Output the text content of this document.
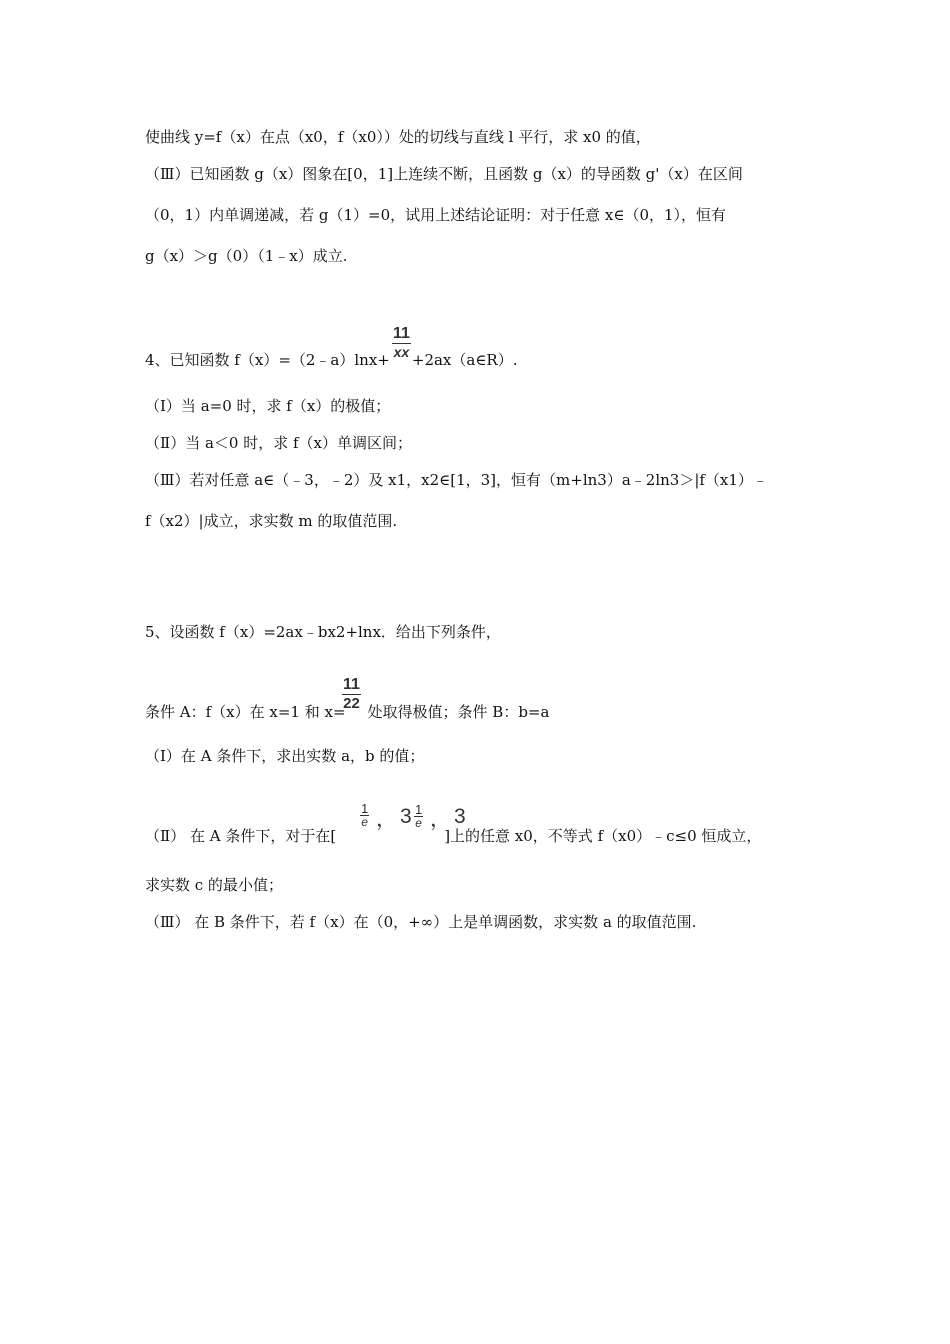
使曲线 y=f（x）在点（x0，f（x0））处的切线与直线 l 平行，求 x0 的值，
（Ⅲ）已知函数 g（x）图象在[0，1]上连续不断，且函数 g（x）的导函数 g'（x）在区间
（0，1）内单调递减，若 g（1）=0，试用上述结论证明：对于任意 x∈（0，1），恒有
g（x）＞g（0）（1﹣x）成立.
4、已知函数 f（x）=（2﹣a）lnx+ +2ax（a∈R）.
$\frac{11}{xx}$
（Ⅰ）当 a=0 时，求 f（x）的极值；
（Ⅱ）当 a＜0 时，求 f（x）单调区间；
（Ⅲ）若对任意 a∈（﹣3，﹣2）及 x1，x2∈[1，3]，恒有（m+ln3）a﹣2ln3＞|f（x1）﹣
f（x2）|成立，求实数 m 的取值范围.
5、设函数 f（x）=2ax﹣bx2+lnx．给出下列条件，
条件 A：f（x）在 x=1 和 x= 处取得极值；条件 B：b=a
$\frac{11}{22}$
（Ⅰ）在 A 条件下，求出实数 a，b 的值；
（Ⅱ） 在 A 条件下，对于在[	]上的任意 x0，不等式 f（x0）﹣c≤0 恒成立，
$\frac{1}{e}$ ， $3 \frac{1}{e}$ ， 3
求实数 c 的最小值；
（Ⅲ） 在 B 条件下，若 f（x）在（0，+∞）上是单调函数，求实数 a 的取值范围.
